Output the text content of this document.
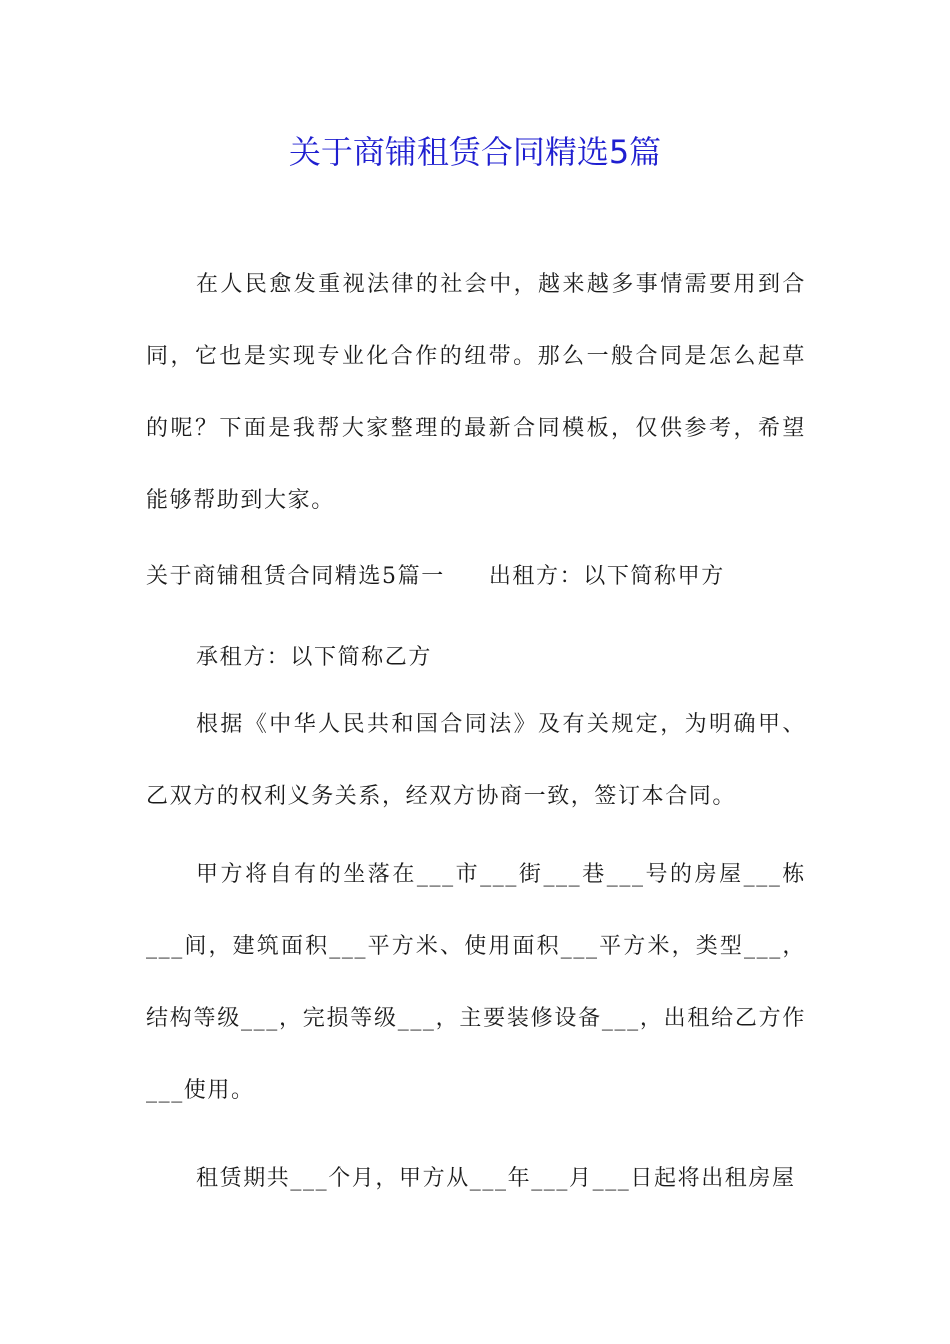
关于商铺租赁合同精选5篇

在人民愈发重视法律的社会中，越来越多事情需要用到合同，它也是实现专业化合作的纽带。那么一般合同是怎么起草的呢？下面是我帮大家整理的最新合同模板，仅供参考，希望能够帮助到大家。

关于商铺租赁合同精选5篇一 出租方：以下简称甲方

承租方：以下简称乙方

根据《中华人民共和国合同法》及有关规定，为明确甲、乙双方的权利义务关系，经双方协商一致，签订本合同。

甲方将自有的坐落在___市___街___巷___号的房屋___栋___间，建筑面积___平方米、使用面积___平方米，类型___，结构等级___，完损等级___，主要装修设备___，出租给乙方作___使用。

租赁期共___个月，甲方从___年___月___日起将出租房屋
